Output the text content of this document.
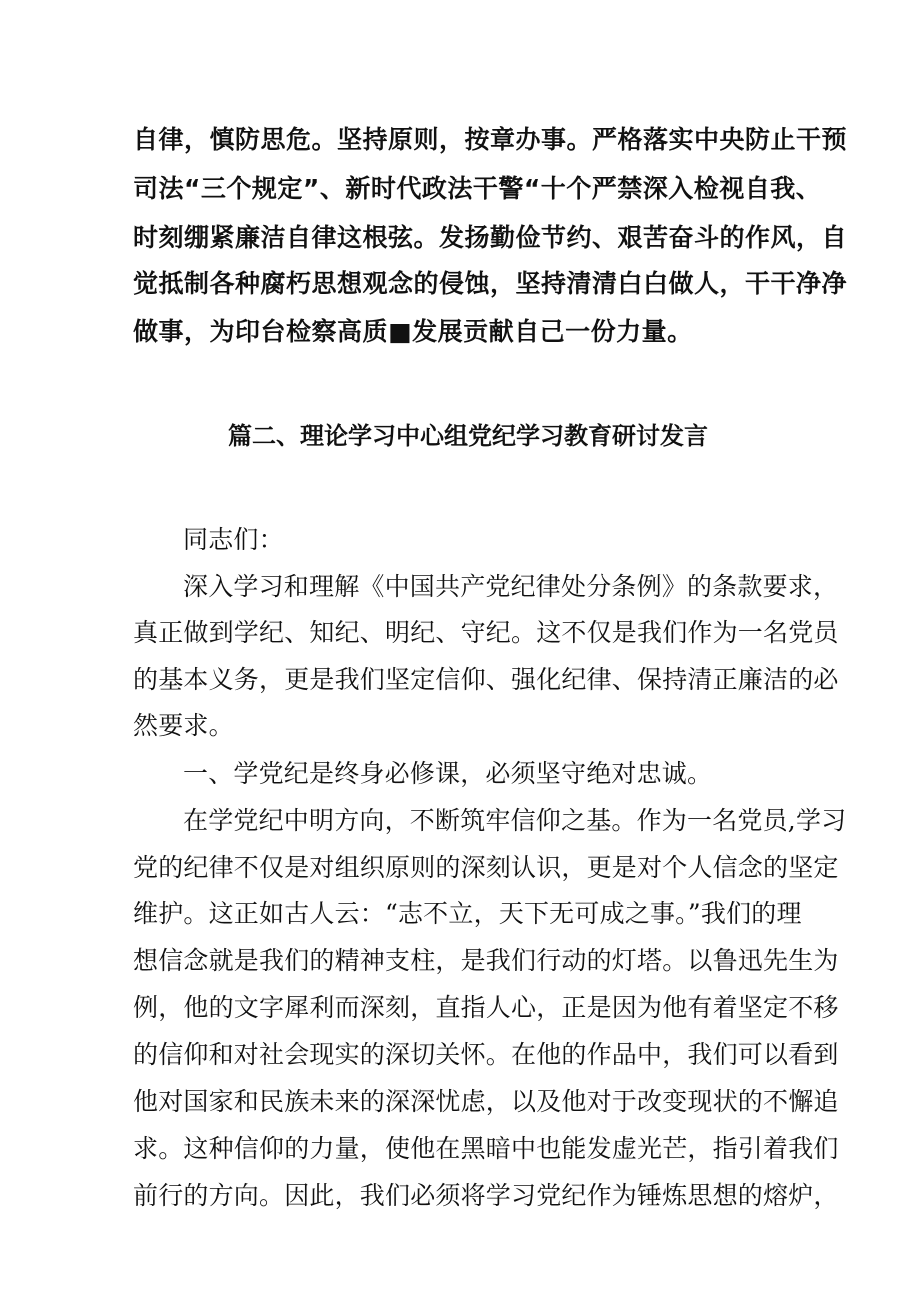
自律，慎防思危。坚持原则，按章办事。严格落实中央防止干预

司法“三个规定”、新时代政法干警“十个严禁深入检视自我、

时刻绷紧廉洁自律这根弦。发扬勤俭节约、艰苦奋斗的作风，自

觉抵制各种腐朽思想观念的侵蚀，坚持清清白白做人，干干净净

做事，为印台检察高质■发展贡献自己一份力量。

篇二、理论学习中心组党纪学习教育研讨发言

同志们：

深入学习和理解《中国共产党纪律处分条例》的条款要求，

真正做到学纪、知纪、明纪、守纪。这不仅是我们作为一名党员

的基本义务，更是我们坚定信仰、强化纪律、保持清正廉洁的必

然要求。

一、学党纪是终身必修课，必须坚守绝对忠诚。

在学党纪中明方向，不断筑牢信仰之基。作为一名党员,学习

党的纪律不仅是对组织原则的深刻认识，更是对个人信念的坚定

维护。这正如古人云：“志不立，天下无可成之事。”我们的理

想信念就是我们的精神支柱，是我们行动的灯塔。以鲁迅先生为

例，他的文字犀利而深刻，直指人心，正是因为他有着坚定不移

的信仰和对社会现实的深切关怀。在他的作品中，我们可以看到

他对国家和民族未来的深深忧虑，以及他对于改变现状的不懈追

求。这种信仰的力量，使他在黑暗中也能发虚光芒，指引着我们

前行的方向。因此，我们必须将学习党纪作为锤炼思想的熔炉，
